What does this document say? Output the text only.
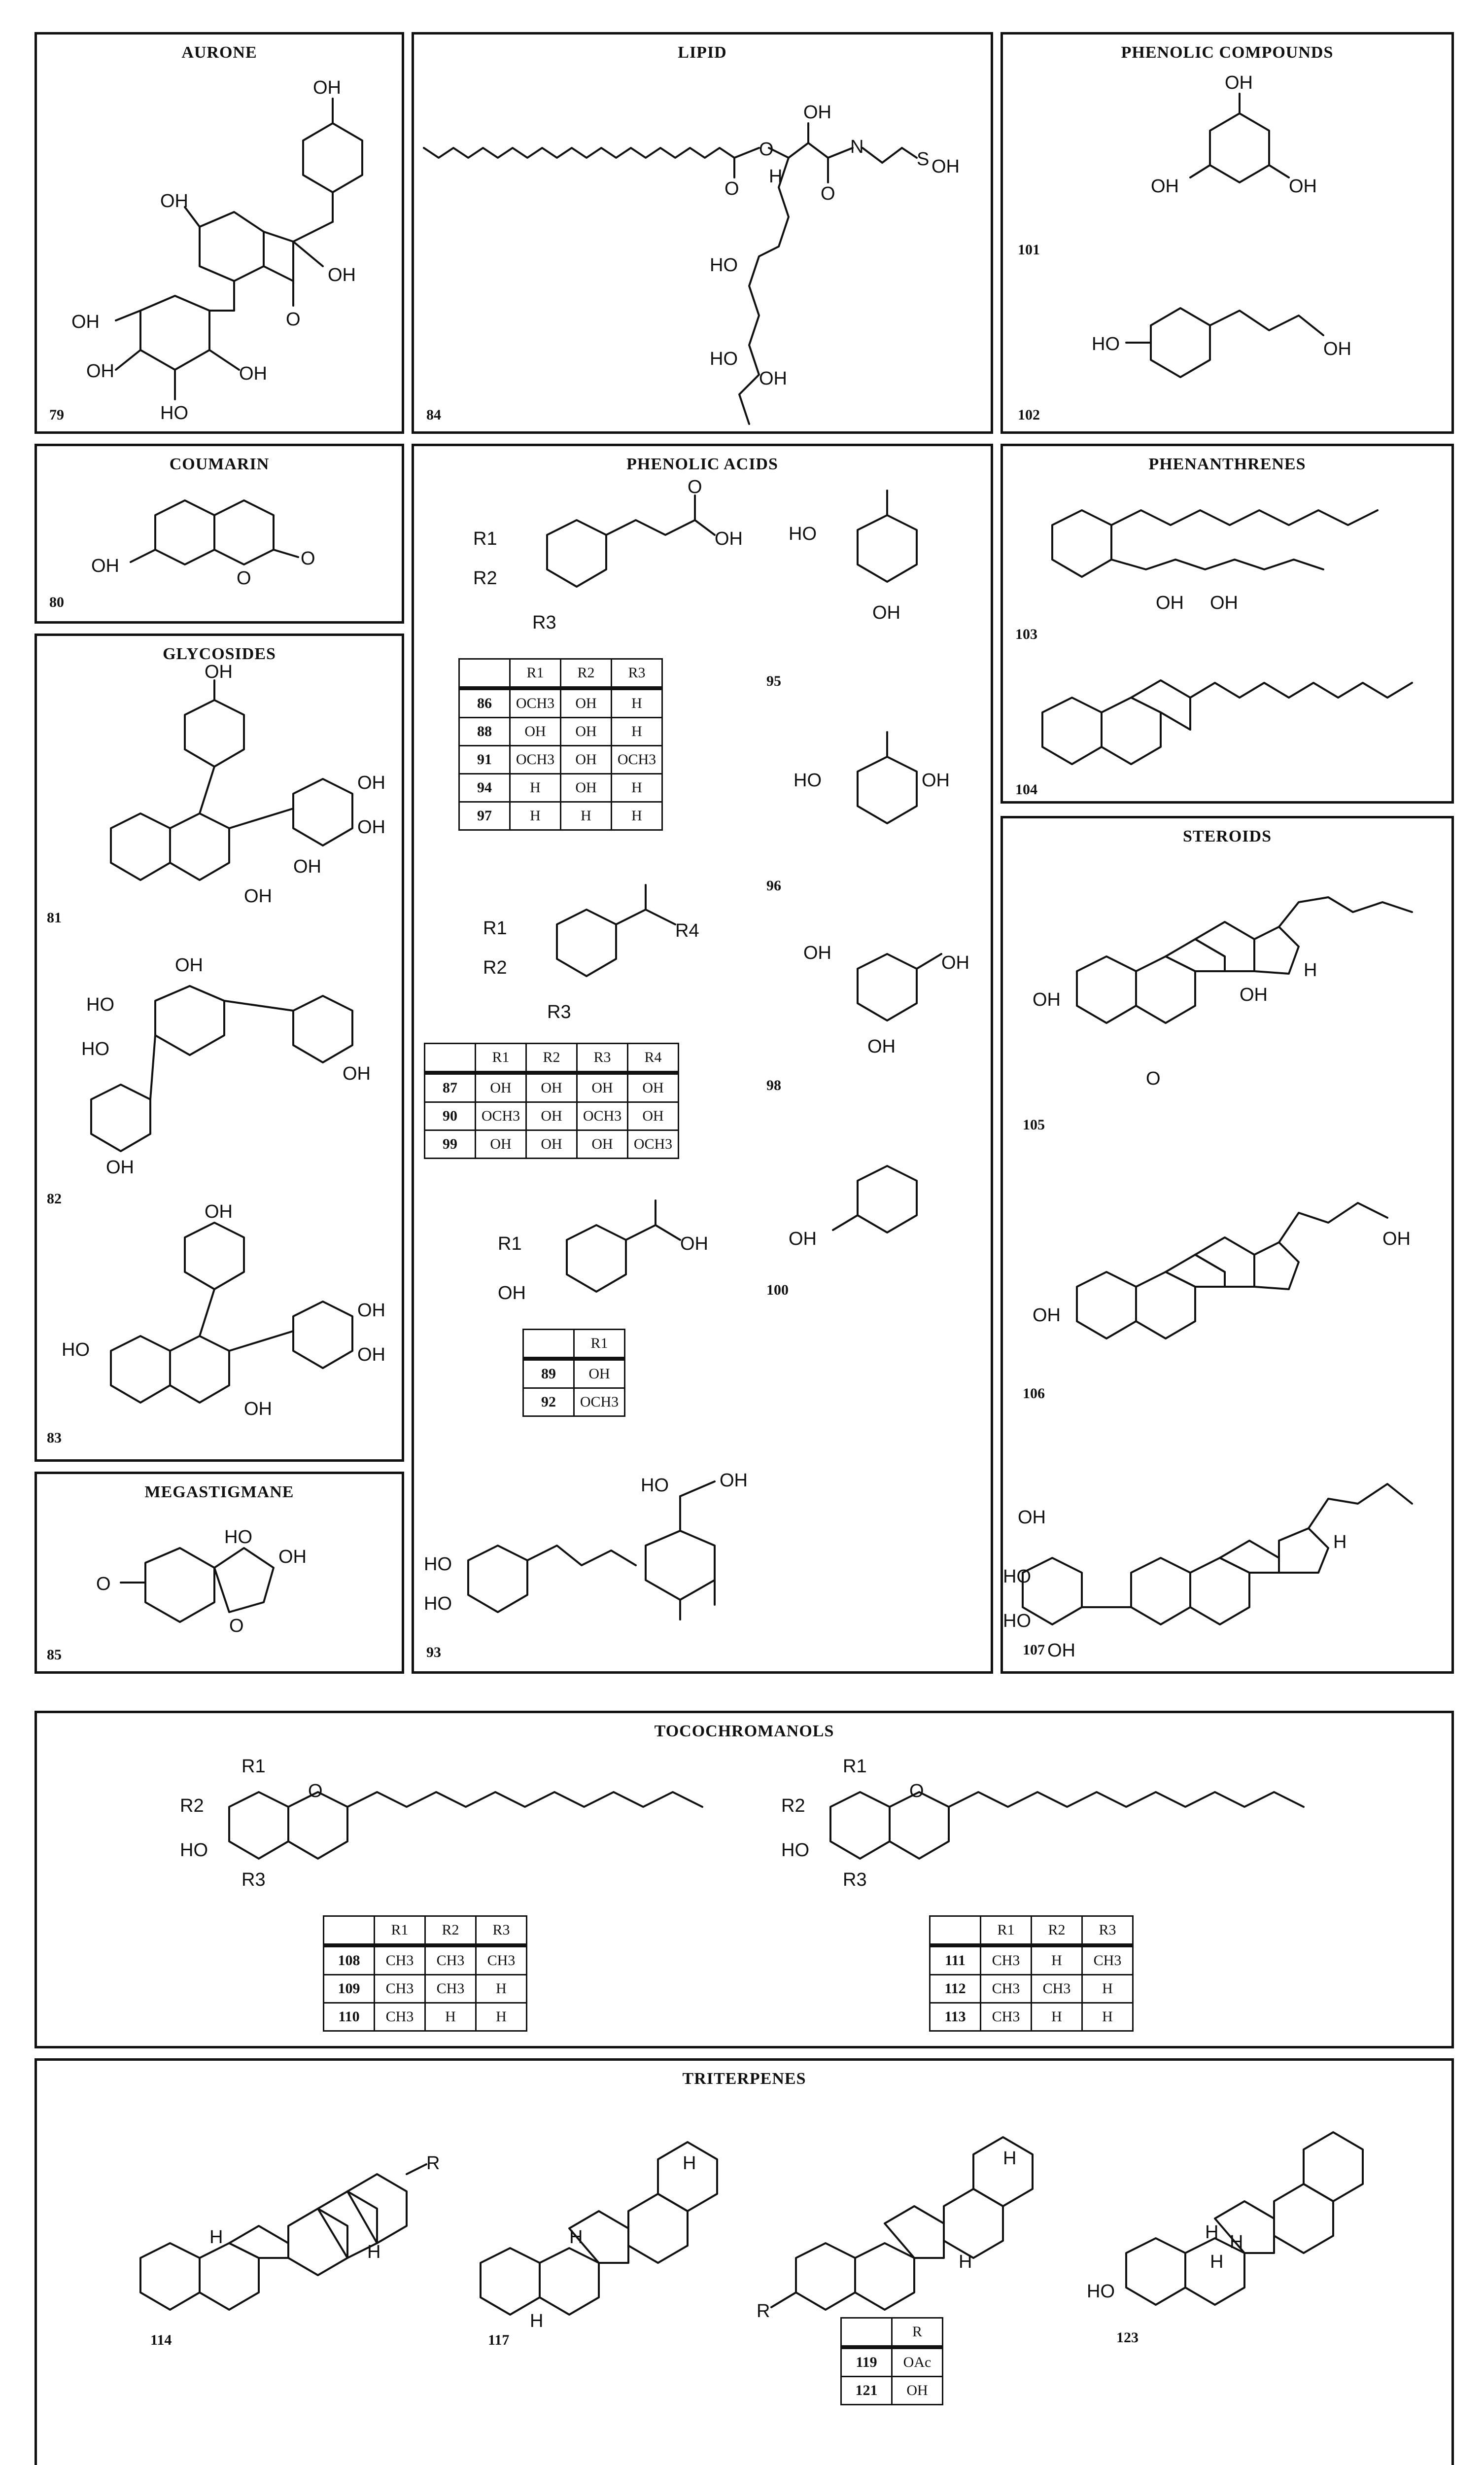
AURONE
OH
OH
OH
O
OH
OH
HO
OH
79
LIPID
O
O
OH
H
O
N
S OH
HO
HO
OH
84
PHENOLIC COMPOUNDS
OH
OH
OH
101
HO	OH
102
COUMARIN
OH
O
O
80
PHENOLIC ACIDS
R1
R2
R3
O
OH
	R1	R2	R3
86	OCH3	OH	H
88	OH	OH	H
91	OCH3	OH	OCH3
94	H	OH	H
97	H	H	H
R1
R2
R3
R4
	R1	R2	R3	R4
87	OH	OH	OH	OH
90	OCH3	OH	OCH3	OH
99	OH	OH	OH	OCH3
R1
OH
OH
	R1
89	OH
92	OCH3
HO
HO
HO	OH
93
HO
OH
95
HO	OH
96
OH
OH
OH
98
OH
100
PHENANTHRENES
OH OH
103
104
GLYCOSIDES
OH
OH
OH
OH
OH
81
OH
HO
HO
OH
OH
82
OH
HO
OH
OH
OH
83
STEROIDS
OH	OH
H
O
105
OH
OH
106
OH
HO
HO
OH
H
107
MEGASTIGMANE
O
HO
OH
O
85
TOCOCHROMANOLS
R1
R2
HO
R3
O
	R1	R2	R3
108	CH3	CH3	CH3
109	CH3	CH3	H
110	CH3	H	H
R1
R2
HO
R3
O
	R1	R2	R3
111	CH3	H	CH3
112	CH3	CH3	H
113	CH3	H	H
TRITERPENES
R
H
H
114
H
H
H
117
R
H
H
	R
119	OAc
121	OH
HO
H
H
H
123
